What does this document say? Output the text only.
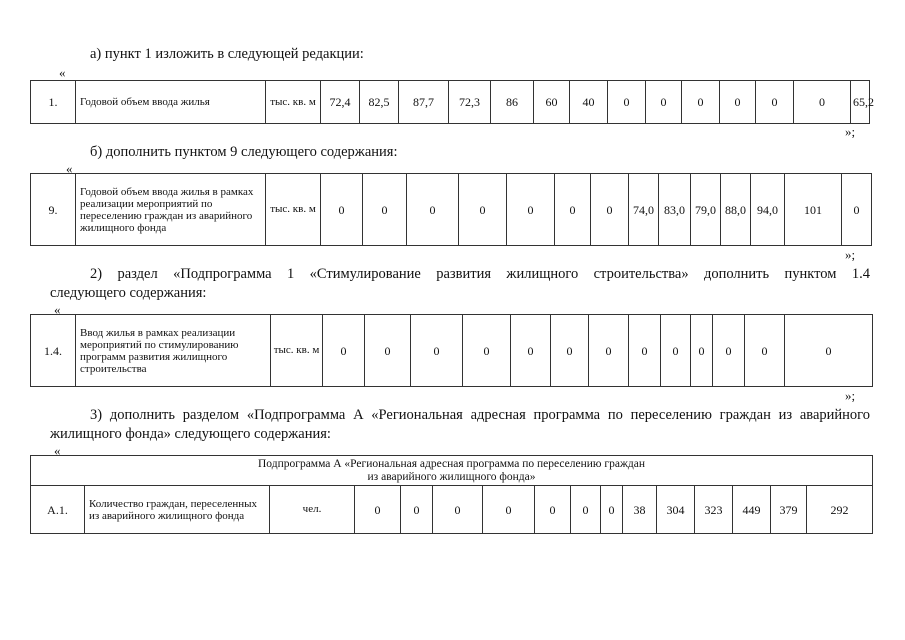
а) пункт 1 изложить в следующей редакции:
«
1.	Годовой объем ввода жилья	тыс. кв. м	72,4	82,5	87,7	72,3	86	60	40	0	0	0	0	0	0	65,2
»;
б) дополнить пунктом 9 следующего содержания:
«
9.	Годовой объем ввода жилья в рамках реализации мероприятий по переселению граждан из аварийного жилищного фонда	тыс. кв. м	0	0	0	0	0	0	0	74,0	83,0	79,0	88,0	94,0	101	0
»;
2) раздел «Подпрограмма 1 «Стимулирование развития жилищного строительства» дополнить пунктом 1.4
следующего содержания:
«
1.4.	Ввод жилья в рамках реализации мероприятий по стимулированию программ развития жилищного строительства	тыс. кв. м	0	0	0	0	0	0	0	0	0	0	0	0	0	
»;
3) дополнить разделом «Подпрограмма А «Региональная адресная программа по переселению граждан из аварийного
жилищного фонда» следующего содержания:
«
Подпрограмма А «Региональная адресная программа по переселению граждан
из аварийного жилищного фонда»

А.1.	Количество граждан, переселенных из аварийного жилищного фонда	чел.	0	0	0	0	0	0	0	38	304	323	449	379	292	
